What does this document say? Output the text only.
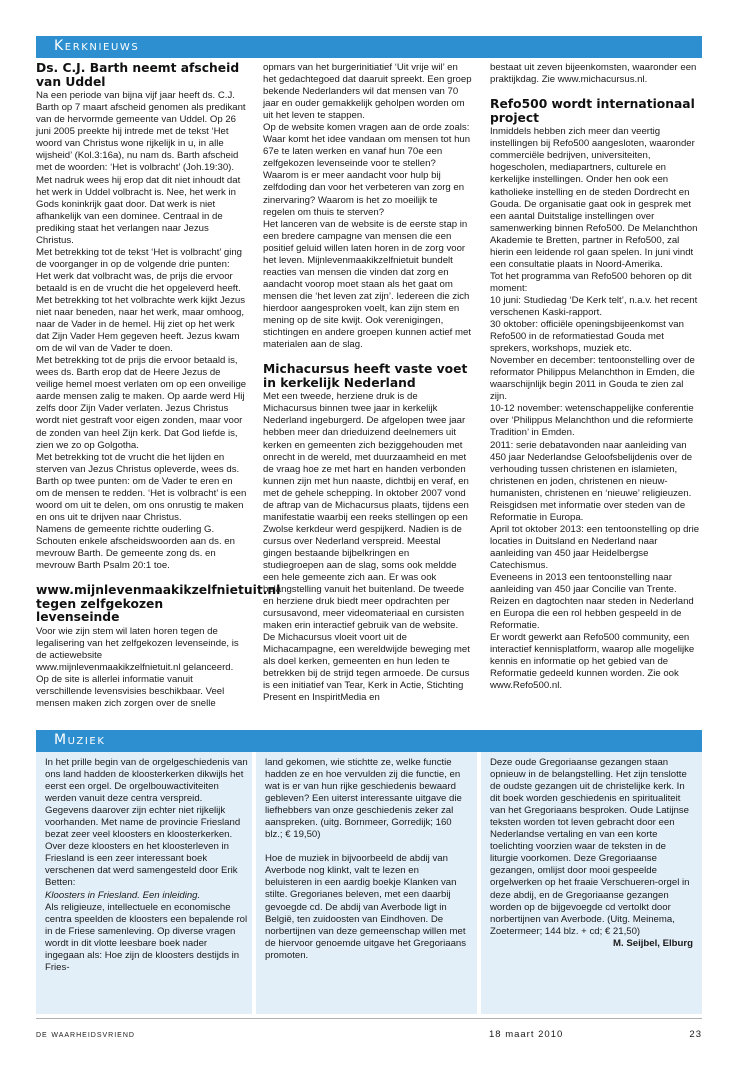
Kerknieuws
Ds. C.J. Barth neemt afscheid van Uddel

Na een periode van bijna vijf jaar heeft ds. C.J. Barth op 7 maart afscheid genomen als predikant van de hervormde gemeente van Uddel. Op 26 juni 2005 preekte hij intrede met de tekst ‘Het woord van Christus wone rijkelijk in u, in alle wijsheid’ (Kol.3:16a), nu nam ds. Barth afscheid met de woorden: ‘Het is volbracht’ (Joh.19:30). Met nadruk wees hij erop dat dit niet inhoudt dat het werk in Uddel volbracht is. Nee, het werk in Gods koninkrijk gaat door. Dat werk is niet afhankelijk van een dominee. Centraal in de prediking staat het verlangen naar Jezus Christus.

Met betrekking tot de tekst ‘Het is volbracht’ ging de voorganger in op de volgende drie punten: Het werk dat volbracht was, de prijs die ervoor betaald is en de vrucht die het opgeleverd heeft. Met betrekking tot het volbrachte werk kijkt Jezus niet naar beneden, naar het werk, maar omhoog, naar de Vader in de hemel. Hij ziet op het werk dat Zijn Vader Hem gegeven heeft. Jezus kwam om de wil van de Vader te doen.

Met betrekking tot de prijs die ervoor betaald is, wees ds. Barth erop dat de Heere Jezus de veilige hemel moest verlaten om op een onveilige aarde mensen zalig te maken. Op aarde werd Hij zelfs door Zijn Vader verlaten. Jezus Christus wordt niet gestraft voor eigen zonden, maar voor de zonden van heel Zijn kerk. Dat God liefde is, zien we zo op Golgotha.

Met betrekking tot de vrucht die het lijden en sterven van Jezus Christus opleverde, wees ds. Barth op twee punten: om de Vader te eren en om de mensen te redden. ‘Het is volbracht’ is een woord om uit te delen, om ons onrustig te maken en ons uit te drijven naar Christus.

Namens de gemeente richtte ouderling G. Schouten enkele afscheidswoorden aan ds. en mevrouw Barth. De gemeente zong ds. en mevrouw Barth Psalm 20:1 toe.

www.mijnlevenmaakikzelfnietuit.nl tegen zelfgekozen levenseinde

Voor wie zijn stem wil laten horen tegen de legalisering van het zelfgekozen levenseinde, is de actiewebsite www.mijnlevenmaakikzelfnietuit.nl gelanceerd. Op de site is allerlei informatie vanuit verschillende levensvisies beschikbaar. Veel mensen maken zich zorgen over de snelle

opmars van het burgerinitiatief ‘Uit vrije wil’ en het gedachtegoed dat daaruit spreekt. Een groep bekende Nederlanders wil dat mensen van 70 jaar en ouder gemakkelijk geholpen worden om uit het leven te stappen.

Op de website komen vragen aan de orde zoals: Waar komt het idee vandaan om mensen tot hun 67e te laten werken en vanaf hun 70e een zelfgekozen levenseinde voor te stellen? Waarom is er meer aandacht voor hulp bij zelfdoding dan voor het verbeteren van zorg en zinervaring? Waarom is het zo moeilijk te regelen om thuis te sterven?

Het lanceren van de website is de eerste stap in een bredere campagne van mensen die een positief geluid willen laten horen in de zorg voor het leven. Mijnlevenmaakikzelfnietuit bundelt reacties van mensen die vinden dat zorg en aandacht voorop moet staan als het gaat om mensen die ‘het leven zat zijn’. Iedereen die zich hierdoor aangesproken voelt, kan zijn stem en mening op de site kwijt. Ook verenigingen, stichtingen en andere groepen kunnen actief met materialen aan de slag.

Michacursus heeft vaste voet in kerkelijk Nederland

Met een tweede, herziene druk is de Michacursus binnen twee jaar in kerkelijk Nederland ingeburgerd. De afgelopen twee jaar hebben meer dan drieduizend deelnemers uit kerken en gemeenten zich beziggehouden met onrecht in de wereld, met duurzaamheid en met de vraag hoe ze met hart en handen verbonden kunnen zijn met hun naaste, dichtbij en veraf, en met de gehele schepping. In oktober 2007 vond de aftrap van de Michacursus plaats, tijdens een manifestatie waarbij een reeks stellingen op een Zwolse kerkdeur werd gespijkerd. Nadien is de cursus over Nederland verspreid. Meestal gingen bestaande bijbelkringen en studiegroepen aan de slag, soms ook meldde een hele gemeente zich aan. Er was ook belangstelling vanuit het buitenland. De tweede en herziene druk biedt meer opdrachten per cursusavond, meer videomateriaal en cursisten maken erin interactief gebruik van de website. De Michacursus vloeit voort uit de Michacampagne, een wereldwijde beweging met als doel kerken, gemeenten en hun leden te betrekken bij de strijd tegen armoede. De cursus is een initiatief van Tear, Kerk in Actie, Stichting Present en InspiritMedia en

bestaat uit zeven bijeenkomsten, waaronder een praktijkdag. Zie www.michacursus.nl.

Refo500 wordt internationaal project

Inmiddels hebben zich meer dan veertig instellingen bij Refo500 aangesloten, waaronder commerciële bedrijven, universiteiten, hogescholen, mediapartners, culturele en kerkelijke instellingen. Onder hen ook een katholieke instelling en de steden Dordrecht en Gouda. De organisatie gaat ook in gesprek met een aantal Duitstalige instellingen over samenwerking binnen Refo500. De Melanchthon Akademie te Bretten, partner in Refo500, zal hierin een leidende rol gaan spelen. In juni vindt een consultatie plaats in Noord-Amerika.

Tot het programma van Refo500 behoren op dit moment:

10 juni: Studiedag ‘De Kerk telt’, n.a.v. het recent verschenen Kaski-rapport.

30 oktober: officiële openingsbijeenkomst van Refo500 in de reformatiestad Gouda met sprekers, workshops, muziek etc.

November en december: tentoonstelling over de reformator Philippus Melanchthon in Emden, die waarschijnlijk begin 2011 in Gouda te zien zal zijn.

10-12 november: wetenschappelijke conferentie over ‘Philippus Melanchthon und die reformierte Tradition’ in Emden.

2011: serie debatavonden naar aanleiding van 450 jaar Nederlandse Geloofsbelijdenis over de verhouding tussen christenen en islamieten, christenen en joden, christenen en nieuw-humanisten, christenen en ‘nieuwe’ religieuzen.

Reisgidsen met informatie over steden van de Reformatie in Europa.

April tot oktober 2013: een tentoonstelling op drie locaties in Duitsland en Nederland naar aanleiding van 450 jaar Heidelbergse Catechismus.

Eveneens in 2013 een tentoonstelling naar aanleiding van 450 jaar Concilie van Trente.

Reizen en dagtochten naar steden in Nederland en Europa die een rol hebben gespeeld in de Reformatie.

Er wordt gewerkt aan Refo500 community, een interactief kennisplatform, waarop alle mogelijke kennis en informatie op het gebied van de Reformatie gedeeld kunnen worden. Zie ook www.Refo500.nl.

Muziek

In het prille begin van de orgelgeschiedenis van ons land hadden de kloosterkerken dikwijls het eerst een orgel. De orgelbouwactiviteiten werden vanuit deze centra verspreid. Gegevens daarover zijn echter niet rijkelijk voorhanden. Met name de provincie Friesland bezat zeer veel kloosters en kloosterkerken. Over deze kloosters en het kloosterleven in Friesland is een zeer interessant boek verschenen dat werd samengesteld door Erik Betten:

Kloosters in Friesland. Een inleiding.

Als religieuze, intellectuele en economische centra speelden de kloosters een bepalende rol in de Friese samenleving. Op diverse vragen wordt in dit vlotte leesbare boek nader ingegaan als: Hoe zijn de kloosters destijds in Fries-

land gekomen, wie stichtte ze, welke functie hadden ze en hoe vervulden zij die functie, en wat is er van hun rijke geschiedenis bewaard gebleven? Een uiterst interessante uitgave die liefhebbers van onze geschiedenis zeker zal aanspreken. (uitg. Bornmeer, Gorredijk; 160 blz.; € 19,50)

Hoe de muziek in bijvoorbeeld de abdij van Averbode nog klinkt, valt te lezen en beluisteren in een aardig boekje Klanken van stilte. Gregorianes beleven, met een daarbij gevoegde cd. De abdij van Averbode ligt in België, ten zuidoosten van Eindhoven. De norbertijnen van deze gemeenschap willen met de hiervoor genoemde uitgave het Gregoriaans promoten.

Deze oude Gregoriaanse gezangen staan opnieuw in de belangstelling. Het zijn tenslotte de oudste gezangen uit de christelijke kerk. In dit boek worden geschiedenis en spiritualiteit van het Gregoriaans besproken. Oude Latijnse teksten worden tot leven gebracht door een Nederlandse vertaling en van een korte toelichting voorzien waar de teksten in de liturgie voorkomen. Deze Gregoriaanse gezangen, omlijst door mooi gespeelde orgelwerken op het fraaie Verschueren-orgel in deze abdij, en de Gregoriaanse gezangen worden op de bijgevoegde cd vertolkt door norbertijnen van Averbode. (Uitg. Meinema, Zoetermeer; 144 blz. + cd; € 21,50)

M. Seijbel, Elburg

de waarheidsvriend	18 maart 2010	23
